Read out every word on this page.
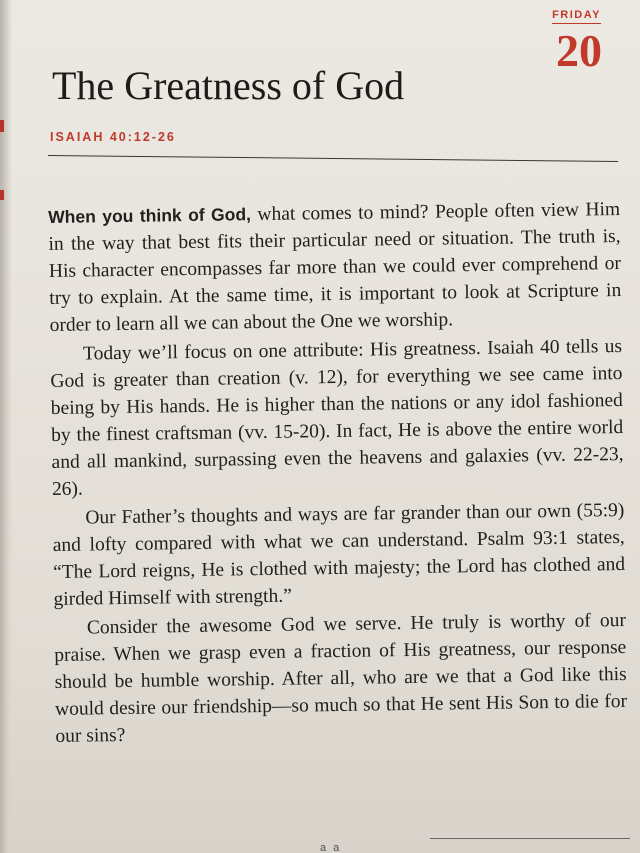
FRIDAY
20
The Greatness of God
ISAIAH 40:12-26

When you think of God, what comes to mind? People often view Him in the way that best fits their particular need or situation. The truth is, His character encompasses far more than we could ever comprehend or try to explain. At the same time, it is important to look at Scripture in order to learn all we can about the One we worship.

Today we’ll focus on one attribute: His greatness. Isaiah 40 tells us God is greater than creation (v. 12), for everything we see came into being by His hands. He is higher than the nations or any idol fashioned by the finest craftsman (vv. 15-20). In fact, He is above the entire world and all mankind, surpassing even the heavens and galaxies (vv. 22-23, 26).

Our Father’s thoughts and ways are far grander than our own (55:9) and lofty compared with what we can understand. Psalm 93:1 states, “The Lord reigns, He is clothed with majesty; the Lord has clothed and girded Himself with strength.”

Consider the awesome God we serve. He truly is worthy of our praise. When we grasp even a fraction of His greatness, our response should be humble worship. After all, who are we that a God like this would desire our friendship—so much so that He sent His Son to die for our sins?

a a
